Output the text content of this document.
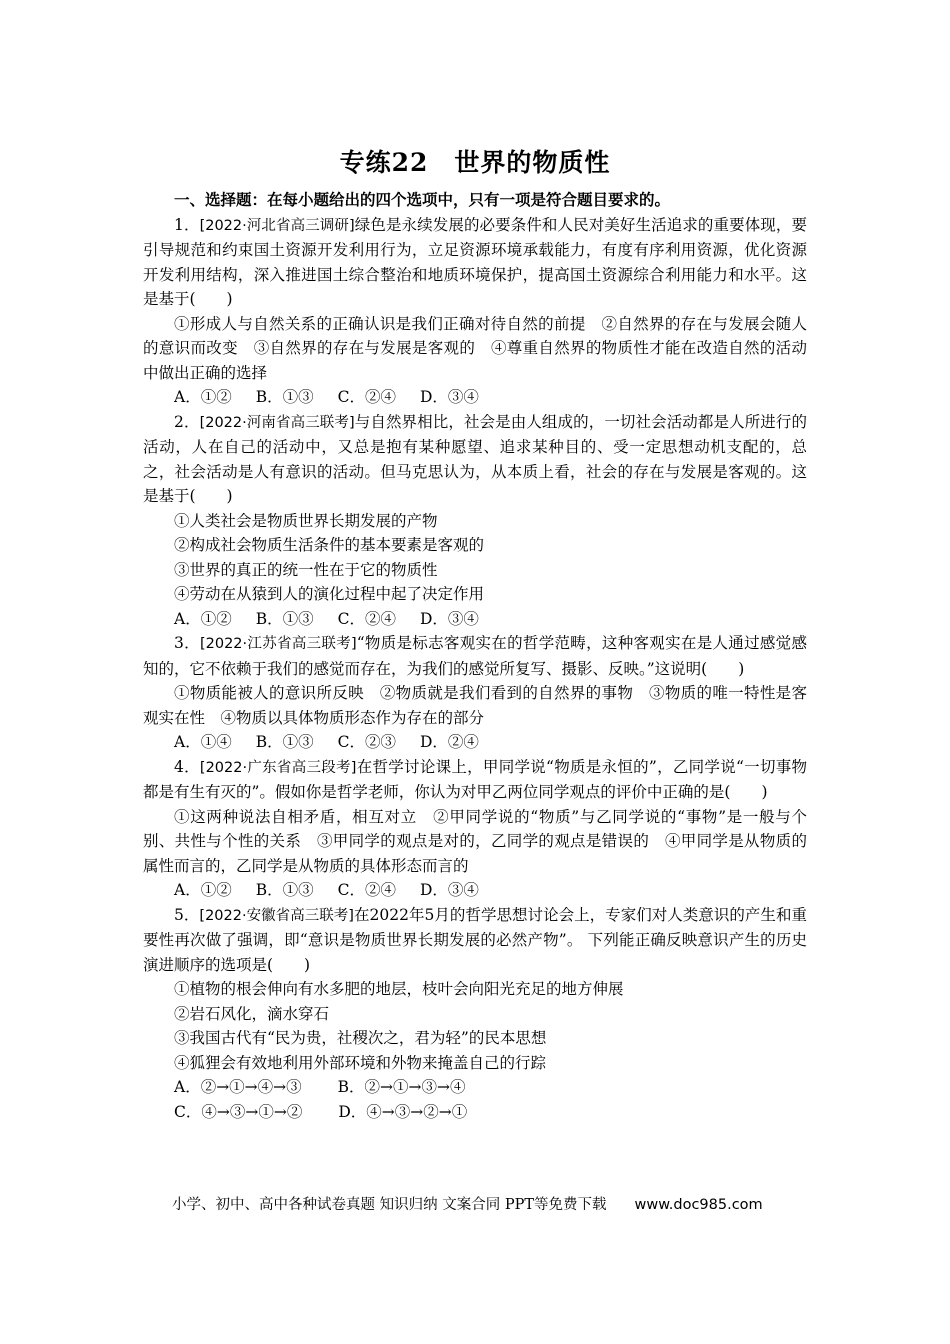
专练22　世界的物质性

一、选择题：在每小题给出的四个选项中，只有一项是符合题目要求的。

1．[2022·河北省高三调研]绿色是永续发展的必要条件和人民对美好生活追求的重要体现，要引导规范和约束国土资源开发利用行为，立足资源环境承载能力，有度有序利用资源，优化资源开发利用结构，深入推进国土综合整治和地质环境保护，提高国土资源综合利用能力和水平。这是基于(　　)

①形成人与自然关系的正确认识是我们正确对待自然的前提　②自然界的存在与发展会随人的意识而改变　③自然界的存在与发展是客观的　④尊重自然界的物质性才能在改造自然的活动中做出正确的选择

A．①② B．①③ C．②④ D．③④

2．[2022·河南省高三联考]与自然界相比，社会是由人组成的，一切社会活动都是人所进行的活动，人在自己的活动中，又总是抱有某种愿望、追求某种目的、受一定思想动机支配的，总之，社会活动是人有意识的活动。但马克思认为，从本质上看，社会的存在与发展是客观的。这是基于(　　)

①人类社会是物质世界长期发展的产物

②构成社会物质生活条件的基本要素是客观的

③世界的真正的统一性在于它的物质性

④劳动在从猿到人的演化过程中起了决定作用

A．①② B．①③ C．②④ D．③④

3．[2022·江苏省高三联考]“物质是标志客观实在的哲学范畴，这种客观实在是人通过感觉感知的，它不依赖于我们的感觉而存在，为我们的感觉所复写、摄影、反映。”这说明(　　)

①物质能被人的意识所反映　②物质就是我们看到的自然界的事物　③物质的唯一特性是客观实在性　④物质以具体物质形态作为存在的部分

A．①④ B．①③ C．②③ D．②④

4．[2022·广东省高三段考]在哲学讨论课上，甲同学说“物质是永恒的”，乙同学说“一切事物都是有生有灭的”。假如你是哲学老师，你认为对甲乙两位同学观点的评价中正确的是(　　)

①这两种说法自相矛盾，相互对立　②甲同学说的“物质”与乙同学说的“事物”是一般与个别、共性与个性的关系　③甲同学的观点是对的，乙同学的观点是错误的　④甲同学是从物质的属性而言的，乙同学是从物质的具体形态而言的

A．①② B．①③ C．②④ D．③④

5．[2022·安徽省高三联考]在2022年5月的哲学思想讨论会上，专家们对人类意识的产生和重要性再次做了强调，即“意识是物质世界长期发展的必然产物”。 下列能正确反映意识产生的历史演进顺序的选项是(　　)

①植物的根会伸向有水多肥的地层，枝叶会向阳光充足的地方伸展

②岩石风化，滴水穿石

③我国古代有“民为贵，社稷次之，君为轻”的民本思想

④狐狸会有效地利用外部环境和外物来掩盖自己的行踪

A．②→①→④→③ B．②→①→③→④

C．④→③→①→② D．④→③→②→①

小学、初中、高中各种试卷真题 知识归纳 文案合同 PPT等免费下载 www.doc985.com
